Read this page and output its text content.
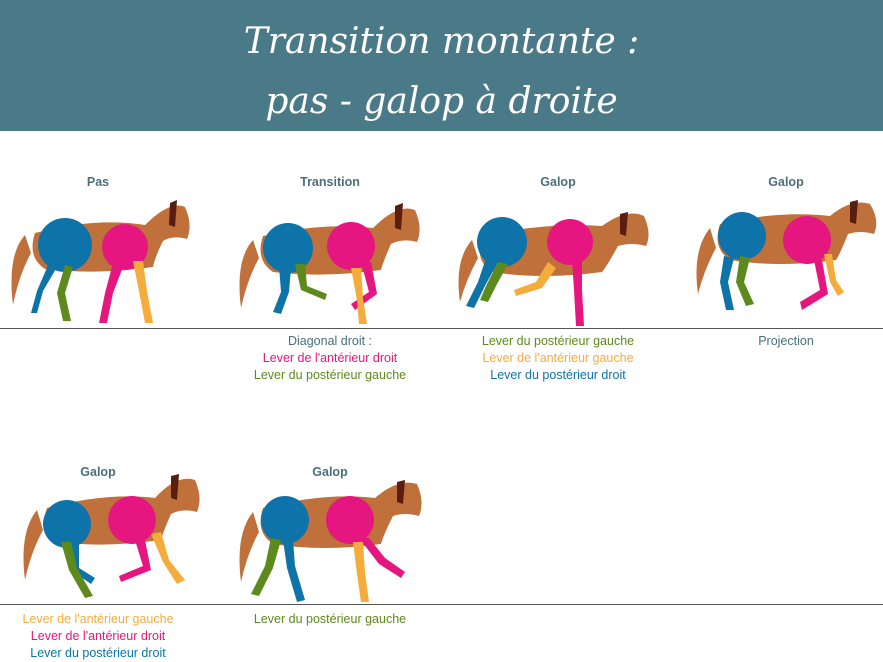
Transition montante :
pas - galop à droite
Pas	Transition
Diagonal droit :
Lever de l'antérieur droit
Lever du postérieur gauche
Galop
Lever du postérieur gauche
Lever de l'antérieur gauche
Lever du postérieur droit
Galop
Projection
Galop
Lever de l'antérieur gauche
Lever de l'antérieur droit
Lever du postérieur droit
Galop
Lever du postérieur gauche
